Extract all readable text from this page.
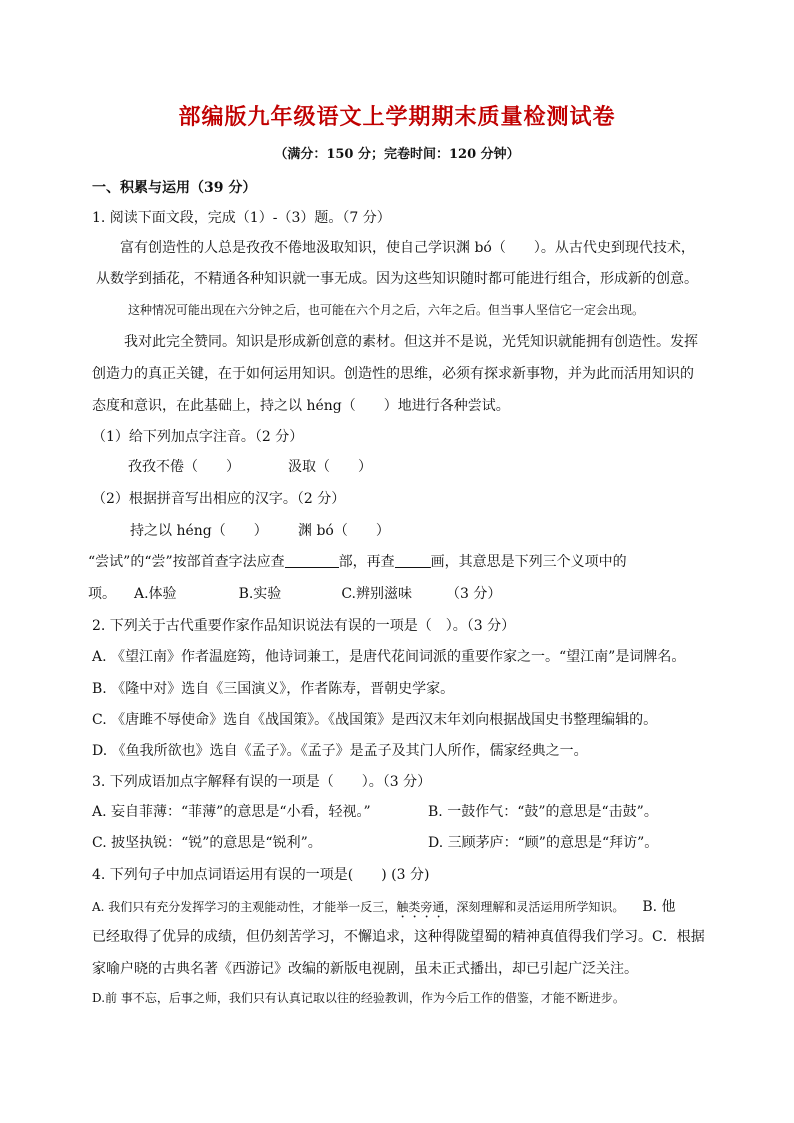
部编版九年级语文上学期期末质量检测试卷
（满分：150 分；完卷时间：120 分钟）
一、积累与运用（39 分）
1. 阅读下面文段，完成（1）-（3）题。（7 分）
富有创造性的人总是孜孜不倦地汲取知识，使自己学识渊 bó（　　）。从古代史到现代技术，
从数学到插花，不精通各种知识就一事无成。因为这些知识随时都可能进行组合，形成新的创意。
这种情况可能出现在六分钟之后，也可能在六个月之后，六年之后。但当事人坚信它一定会出现。
我对此完全赞同。知识是形成新创意的素材。但这并不是说，光凭知识就能拥有创造性。发挥
创造力的真正关键，在于如何运用知识。创造性的思维，必须有探求新事物，并为此而活用知识的
态度和意识，在此基础上，持之以 héng（　　）地进行各种尝试。
（1）给下列加点字注音。（2 分）
孜孜不倦（　　）	汲取（　　）
（2）根据拼音写出相应的汉字。（2 分）
持之以 héng（　　） 渊 bó（　　）
“尝试”的“尝”按部首查字法应查	部，再查	画，其意思是下列三个义项中的
项。 A.体验	B.实验	C.辨别滋味 （3 分）
2. 下列关于古代重要作家作品知识说法有误的一项是（　）。（3 分）
A. 《望江南》作者温庭筠，他诗词兼工，是唐代花间词派的重要作家之一。“望江南”是词牌名。
B. 《隆中对》选自《三国演义》，作者陈寿，晋朝史学家。
C. 《唐雎不辱使命》选自《战国策》。《战国策》是西汉末年刘向根据战国史书整理编辑的。
D. 《鱼我所欲也》选自《孟子》。《孟子》是孟子及其门人所作，儒家经典之一。
3. 下列成语加点字解释有误的一项是（　　）。（3 分）
A. 妄自菲薄：“菲薄”的意思是“小看，轻视。”	B. 一鼓作气：“鼓”的意思是“击鼓”。
C. 披坚执锐：“锐”的意思是“锐利”。	D. 三顾茅庐：“顾”的意思是“拜访”。
4. 下列句子中加点词语运用有误的一项是(　　) (3 分)
A. 我们只有充分发挥学习的主观能动性，才能举一反三，触类旁通，深刻理解和灵活运用所学知识。 B. 他
已经取得了优异的成绩，但仍刻苦学习，不懈追求，这种得陇望蜀的精神真值得我们学习。C．根据
家喻户晓的古典名著《西游记》改编的新版电视剧，虽未正式播出，却已引起广泛关注。
D.前 事不忘，后事之师，我们只有认真记取以往的经验教训，作为今后工作的借鉴，才能不断进步。
